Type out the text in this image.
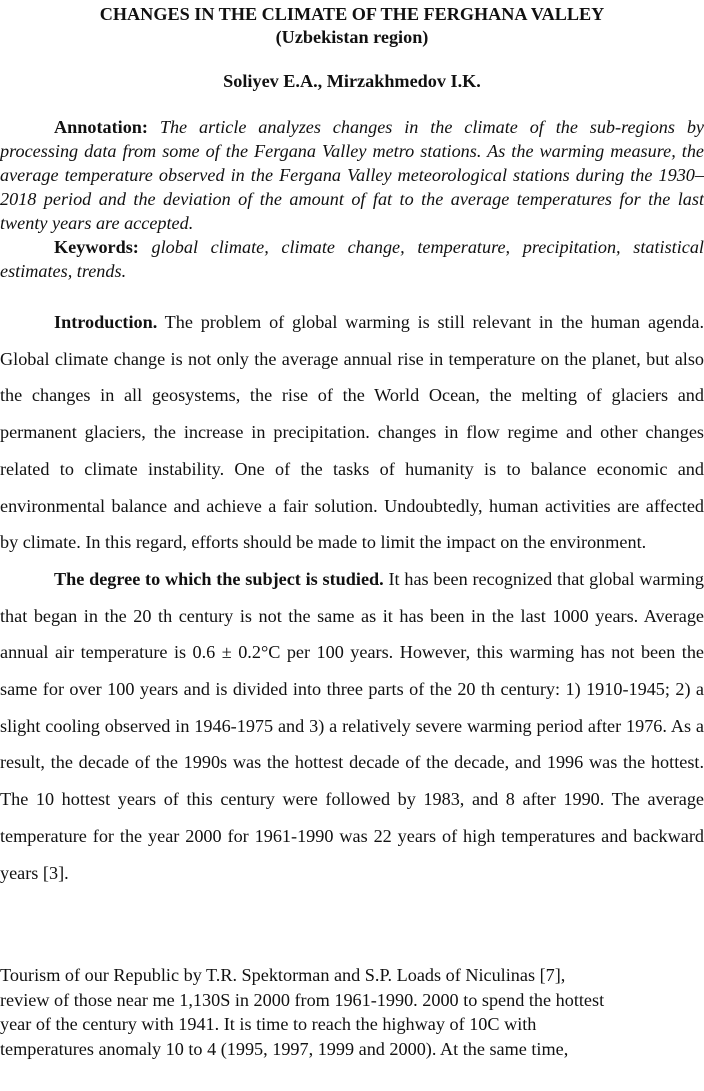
CHANGES IN THE CLIMATE OF THE FERGHANA VALLEY
(Uzbekistan region)
Soliyev E.A., Mirzakhmedov I.K.

Annotation: The article analyzes changes in the climate of the sub-regions by processing data from some of the Fergana Valley metro stations. As the warming measure, the average temperature observed in the Fergana Valley meteorological stations during the 1930–2018 period and the deviation of the amount of fat to the average temperatures for the last twenty years are accepted.

Keywords: global climate, climate change, temperature, precipitation, statistical estimates, trends.

Introduction. The problem of global warming is still relevant in the human agenda. Global climate change is not only the average annual rise in temperature on the planet, but also the changes in all geosystems, the rise of the World Ocean, the melting of glaciers and permanent glaciers, the increase in precipitation. changes in flow regime and other changes related to climate instability. One of the tasks of humanity is to balance economic and environmental balance and achieve a fair solution. Undoubtedly, human activities are affected by climate. In this regard, efforts should be made to limit the impact on the environment.

The degree to which the subject is studied. It has been recognized that global warming that began in the 20 th century is not the same as it has been in the last 1000 years. Average annual air temperature is 0.6 ± 0.2°C per 100 years. However, this warming has not been the same for over 100 years and is divided into three parts of the 20 th century: 1) 1910-1945; 2) a slight cooling observed in 1946-1975 and 3) a relatively severe warming period after 1976. As a result, the decade of the 1990s was the hottest decade of the decade, and 1996 was the hottest. The 10 hottest years of this century were followed by 1983, and 8 after 1990. The average temperature for the year 2000 for 1961-1990 was 22 years of high temperatures and backward years [3].

Tourism of our Republic by T.R. Spektorman and S.P. Loads of Niculinas [7],

review of those near me 1,130S in 2000 from 1961-1990. 2000 to spend the hottest

year of the century with 1941. It is time to reach the highway of 10C with

temperatures anomaly 10 to 4 (1995, 1997, 1999 and 2000). At the same time,
